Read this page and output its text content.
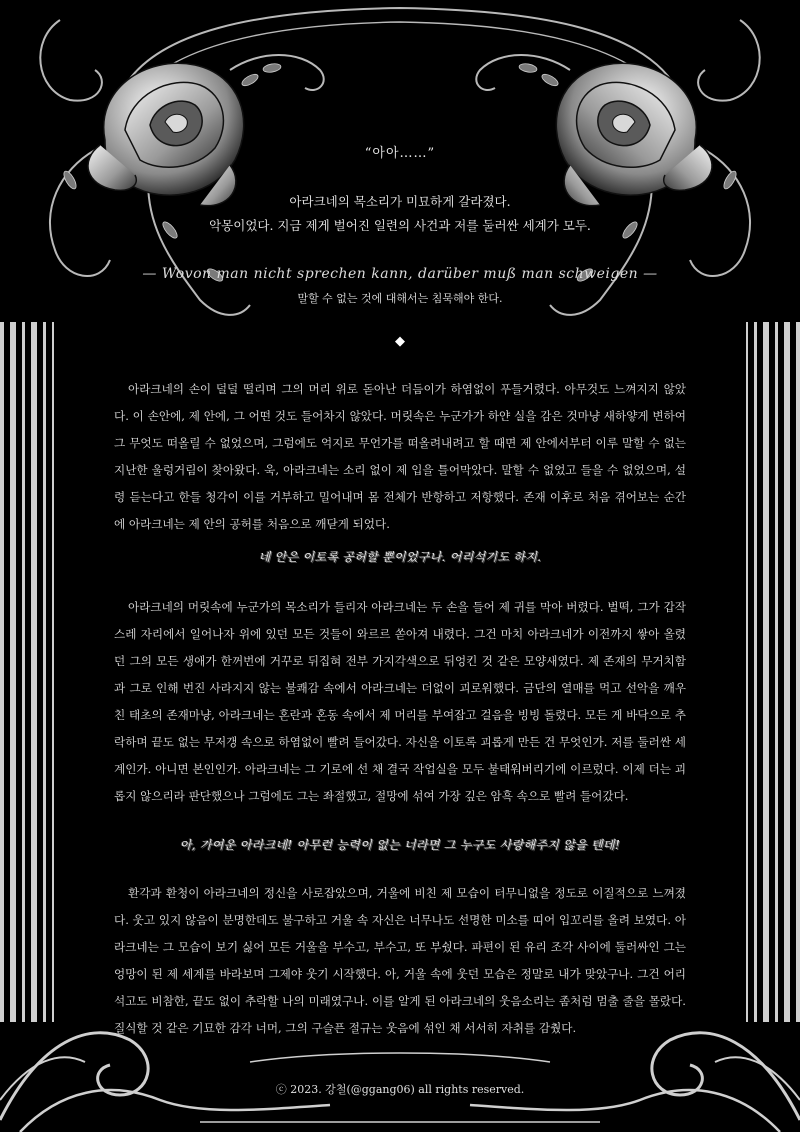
“아아……”
아라크네의 목소리가 미묘하게 갈라졌다.
악몽이었다. 지금 제게 벌어진 일련의 사건과 저를 둘러싼 세계가 모두.
— Wovon man nicht sprechen kann, darüber muß man schweigen —
말할 수 없는 것에 대해서는 침묵해야 한다.
◆

아라크네의 손이 덜덜 떨리며 그의 머리 위로 돋아난 더듬이가 하염없이 푸들거렸다. 아무것도 느껴지지 않았다. 이 손안에, 제 안에, 그 어떤 것도 들어차지 않았다. 머릿속은 누군가가 하얀 실을 감은 것마냥 새하얗게 변하여 그 무엇도 떠올릴 수 없었으며, 그럼에도 억지로 무언가를 떠올려내려고 할 때면 제 안에서부터 이루 말할 수 없는 지난한 울렁거림이 찾아왔다. 욱, 아라크네는 소리 없이 제 입을 틀어막았다. 말할 수 없었고 들을 수 없었으며, 설령 듣는다고 한들 청각이 이를 거부하고 밀어내며 몸 전체가 반항하고 저항했다. 존재 이후로 처음 겪어보는 순간에 아라크네는 제 안의 공허를 처음으로 깨닫게 되었다.

네 안은 이토록 공허할 뿐이었구나. 어리석기도 하지.

아라크네의 머릿속에 누군가의 목소리가 들리자 아라크네는 두 손을 들어 제 귀를 막아 버렸다. 벌떡, 그가 갑작스레 자리에서 일어나자 위에 있던 모든 것들이 와르르 쏟아져 내렸다. 그건 마치 아라크네가 이전까지 쌓아 올렸던 그의 모든 생애가 한꺼번에 거꾸로 뒤집혀 전부 가지각색으로 뒤엉킨 것 같은 모양새였다. 제 존재의 무거치함과 그로 인해 번진 사라지지 않는 불쾌감 속에서 아라크네는 더없이 괴로워했다. 금단의 열매를 먹고 선악을 깨우친 태초의 존재마냥, 아라크네는 혼란과 혼동 속에서 제 머리를 부여잡고 걸음을 빙빙 돌렸다. 모든 게 바닥으로 추락하며 끝도 없는 무저갱 속으로 하염없이 빨려 들어갔다. 자신을 이토록 괴롭게 만든 건 무엇인가. 저를 둘러싼 세계인가. 아니면 본인인가. 아라크네는 그 기로에 선 채 결국 작업실을 모두 불태워버리기에 이르렀다. 이제 더는 괴롭지 않으리라 판단했으나 그럼에도 그는 좌절했고, 절망에 섞여 가장 깊은 암흑 속으로 빨려 들어갔다.

아, 가여운 아라크네! 아무런 능력이 없는 너라면 그 누구도 사랑해주지 않을 텐데!

환각과 환청이 아라크네의 정신을 사로잡았으며, 거울에 비친 제 모습이 터무니없을 정도로 이질적으로 느껴졌다. 웃고 있지 않음이 분명한데도 불구하고 거울 속 자신은 너무나도 선명한 미소를 띠어 입꼬리를 올려 보였다. 아라크네는 그 모습이 보기 싫어 모든 거울을 부수고, 부수고, 또 부쉈다. 파편이 된 유리 조각 사이에 둘러싸인 그는 엉망이 된 제 세계를 바라보며 그제야 웃기 시작했다. 아, 거울 속에 웃던 모습은 정말로 내가 맞았구나. 그건 어리석고도 비참한, 끝도 없이 추락할 나의 미래였구나. 이를 알게 된 아라크네의 웃음소리는 좀처럼 멈출 줄을 몰랐다. 질식할 것 같은 기묘한 감각 너머, 그의 구슬픈 절규는 웃음에 섞인 채 서서히 자취를 감췄다.

ⓒ 2023. 강철(@ggang06) all rights reserved.
